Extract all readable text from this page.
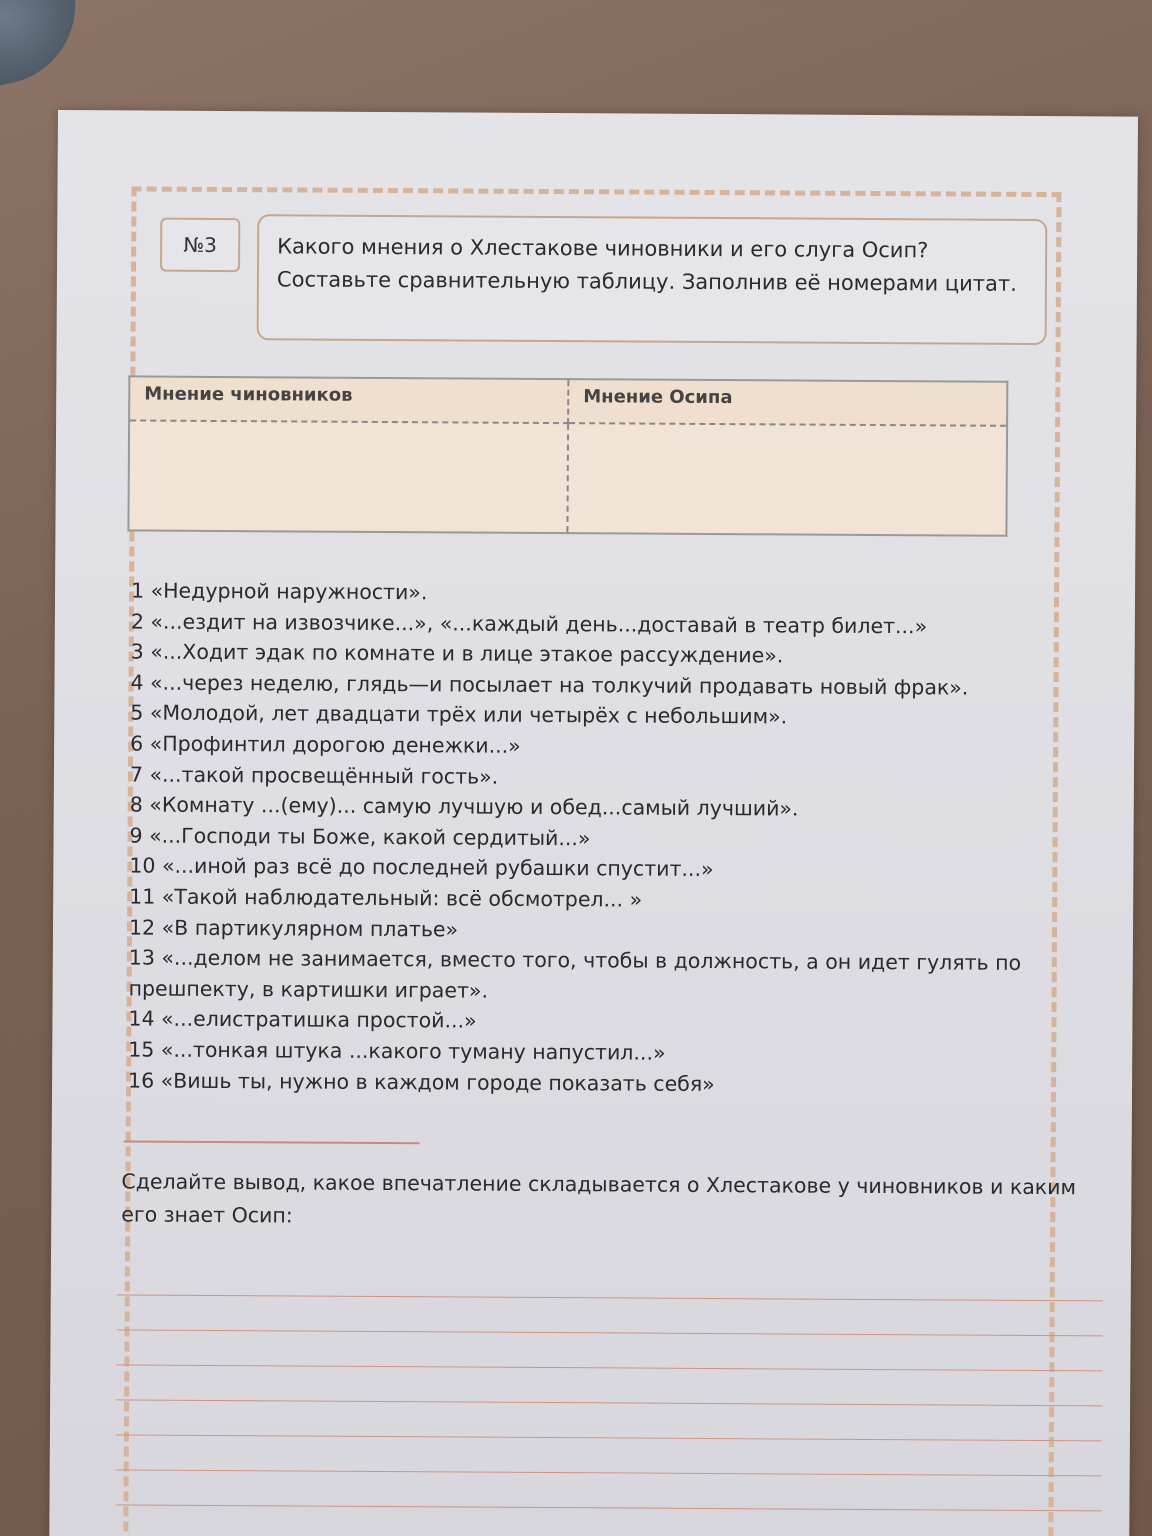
№3	Какого мнения о Хлестакове чиновники и его слуга Осип? Составьте сравнительную таблицу. Заполнив её номерами цитат.
Мнение чиновников	Мнение Осипа

1 «Недурной наружности».
2 «...ездит на извозчике...», «...каждый день...доставай в театр билет...»
3 «...Ходит эдак по комнате и в лице этакое рассуждение».
4 «...через неделю, глядь—и посылает на толкучий продавать новый фрак».
5 «Молодой, лет двадцати трёх или четырёх с небольшим».
6 «Профинтил дорогою денежки...»
7 «...такой просвещённый гость».
8 «Комнату ...(ему)... самую лучшую и обед...самый лучший».
9 «...Господи ты Боже, какой сердитый...»
10 «...иной раз всё до последней рубашки спустит...»
11 «Такой наблюдательный: всё обсмотрел... »
12 «В партикулярном платье»
13 «...делом не занимается, вместо того, чтобы в должность, а он идет гулять по прешпекту, в картишки играет».
14 «...елистратишка простой...»
15 «...тонкая штука ...какого туману напустил...»
16 «Вишь ты, нужно в каждом городе показать себя»
Сделайте вывод, какое впечатление складывается о Хлестакове у чиновников и каким его знает Осип:
